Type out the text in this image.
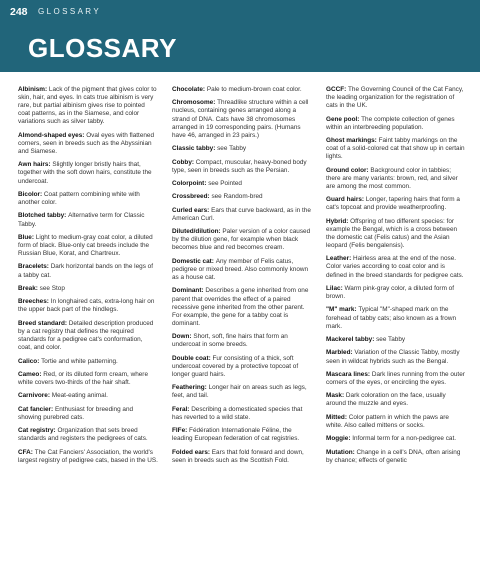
248 GLOSSARY
GLOSSARY

Albinism: Lack of the pigment that gives color to skin, hair, and eyes. In cats true albinism is very rare, but partial albinism gives rise to pointed coat patterns, as in the Siamese, and color variations such as silver tabby.

Almond-shaped eyes: Oval eyes with flattened corners, seen in breeds such as the Abyssinian and Siamese.

Awn hairs: Slightly longer bristly hairs that, together with the soft down hairs, constitute the undercoat.

Bicolor: Coat pattern combining white with another color.

Blotched tabby: Alternative term for Classic Tabby.

Blue: Light to medium-gray coat color, a diluted form of black. Blue-only cat breeds include the Russian Blue, Korat, and Chartreux.

Bracelets: Dark horizontal bands on the legs of a tabby cat.

Break: see Stop

Breeches: In longhaired cats, extra-long hair on the upper back part of the hindlegs.

Breed standard: Detailed description produced by a cat registry that defines the required standards for a pedigree cat's conformation, coat, and color.

Calico: Tortie and white patterning.

Cameo: Red, or its diluted form cream, where white covers two-thirds of the hair shaft.

Carnivore: Meat-eating animal.

Cat fancier: Enthusiast for breeding and showing purebred cats.

Cat registry: Organization that sets breed standards and registers the pedigrees of cats.

CFA: The Cat Fanciers' Association, the world's largest registry of pedigree cats, based in the US.

Chocolate: Pale to medium-brown coat color.

Chromosome: Threadlike structure within a cell nucleus, containing genes arranged along a strand of DNA. Cats have 38 chromosomes arranged in 19 corresponding pairs. (Humans have 46, arranged in 23 pairs.)

Classic tabby: see Tabby

Cobby: Compact, muscular, heavy-boned body type, seen in breeds such as the Persian.

Colorpoint: see Pointed

Crossbreed: see Random-bred

Curled ears: Ears that curve backward, as in the American Curl.

Diluted/dilution: Paler version of a color caused by the dilution gene, for example when black becomes blue and red becomes cream.

Domestic cat: Any member of Felis catus, pedigree or mixed breed. Also commonly known as a house cat.

Dominant: Describes a gene inherited from one parent that overrides the effect of a paired recessive gene inherited from the other parent. For example, the gene for a tabby coat is dominant.

Down: Short, soft, fine hairs that form an undercoat in some breeds.

Double coat: Fur consisting of a thick, soft undercoat covered by a protective topcoat of longer guard hairs.

Feathering: Longer hair on areas such as legs, feet, and tail.

Feral: Describing a domesticated species that has reverted to a wild state.

FIFe: Fédération Internationale Féline, the leading European federation of cat registries.

Folded ears: Ears that fold forward and down, seen in breeds such as the Scottish Fold.

GCCF: The Governing Council of the Cat Fancy, the leading organization for the registration of cats in the UK.

Gene pool: The complete collection of genes within an interbreeding population.

Ghost markings: Faint tabby markings on the coat of a solid-colored cat that show up in certain lights.

Ground color: Background color in tabbies; there are many variants: brown, red, and silver are among the most common.

Guard hairs: Longer, tapering hairs that form a cat's topcoat and provide weatherproofing.

Hybrid: Offspring of two different species: for example the Bengal, which is a cross between the domestic cat (Felis catus) and the Asian leopard (Felis bengalensis).

Leather: Hairless area at the end of the nose. Color varies according to coat color and is defined in the breed standards for pedigree cats.

Lilac: Warm pink-gray color, a diluted form of brown.

"M" mark: Typical "M"-shaped mark on the forehead of tabby cats; also known as a frown mark.

Mackerel tabby: see Tabby

Marbled: Variation of the Classic Tabby, mostly seen in wildcat hybrids such as the Bengal.

Mascara lines: Dark lines running from the outer corners of the eyes, or encircling the eyes.

Mask: Dark coloration on the face, usually around the muzzle and eyes.

Mitted: Color pattern in which the paws are white. Also called mittens or socks.

Moggie: Informal term for a non-pedigree cat.

Mutation: Change in a cell's DNA, often arising by chance; effects of genetic
